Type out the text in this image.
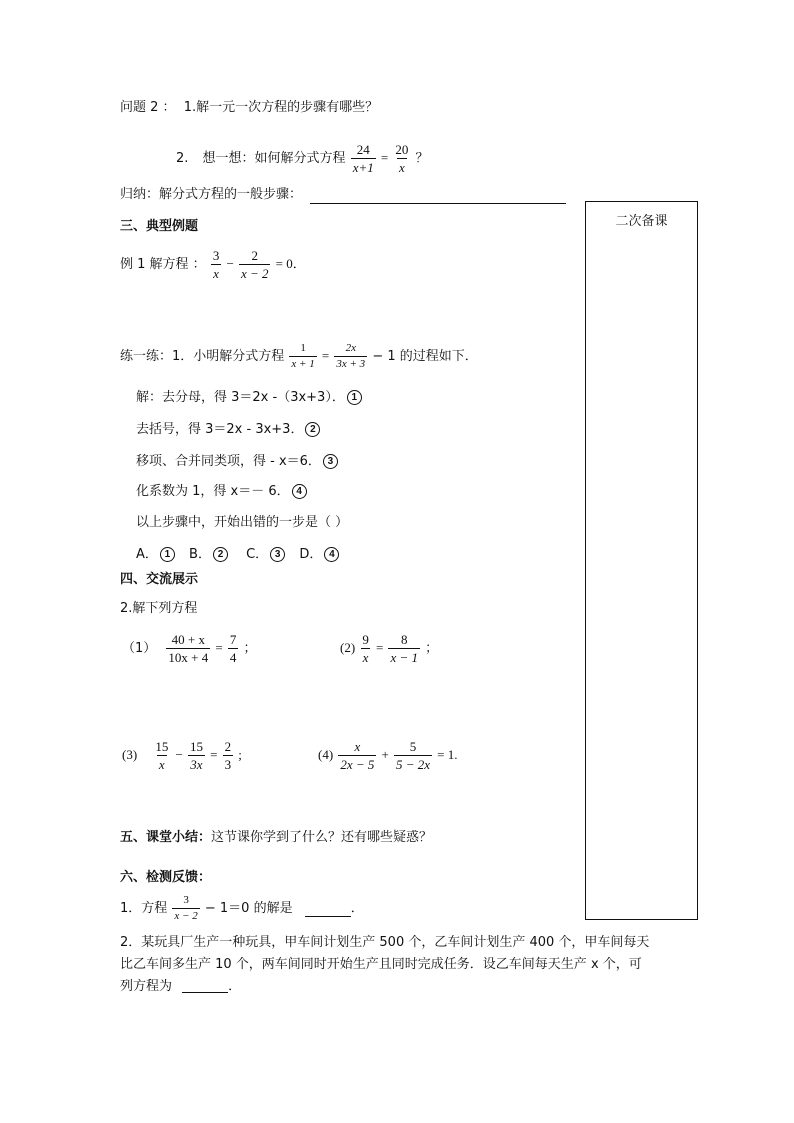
问题 2 ： 1.解一元一次方程的步骤有哪些？
2. 想一想：如何解分式方程 $\frac{24}{x+1} = \frac{20}{x}$ ？
归纳：解分式方程的一般步骤：
二次备课
三、典型例题
例 1 解方程 ： $\frac{3}{x} - \frac{2}{x - 2} = 0$．
练一练：1．小明解分式方程 $\frac{1}{x + 1} = \frac{2x}{3x + 3} - 1$ 的过程如下．
解：去分母，得 3＝2x -（3x+3）． 1
去括号，得 3＝2x - 3x+3． 2
移项、合并同类项，得 - x＝6． 3
化系数为 1，得 x＝－ 6． 4
以上步骤中，开始出错的一步是（ ）
A． 1 B． 2 C． 3 D． 4
四、交流展示
2.解下列方程
$(1) \frac{40 + x}{10x + 4} = \frac{7}{4}$ ；	$(2) \frac{9}{x} = \frac{8}{x - 1}$ ；
$(3) \frac{15}{x} - \frac{15}{3x} = \frac{2}{3}$ ;	$(4) \frac{x}{2x - 5} + \frac{5}{5 - 2x} = 1$.
五、课堂小结：这节课你学到了什么？还有哪些疑惑？
六、检测反馈：
1．方程 $\frac{3}{x - 2} - 1=0$ 的解是	．
2．某玩具厂生产一种玩具，甲车间计划生产 500 个，乙车间计划生产 400 个，甲车间每天
比乙车间多生产 10 个，两车间同时开始生产且同时完成任务．设乙车间每天生产 x 个，可
列方程为	．
